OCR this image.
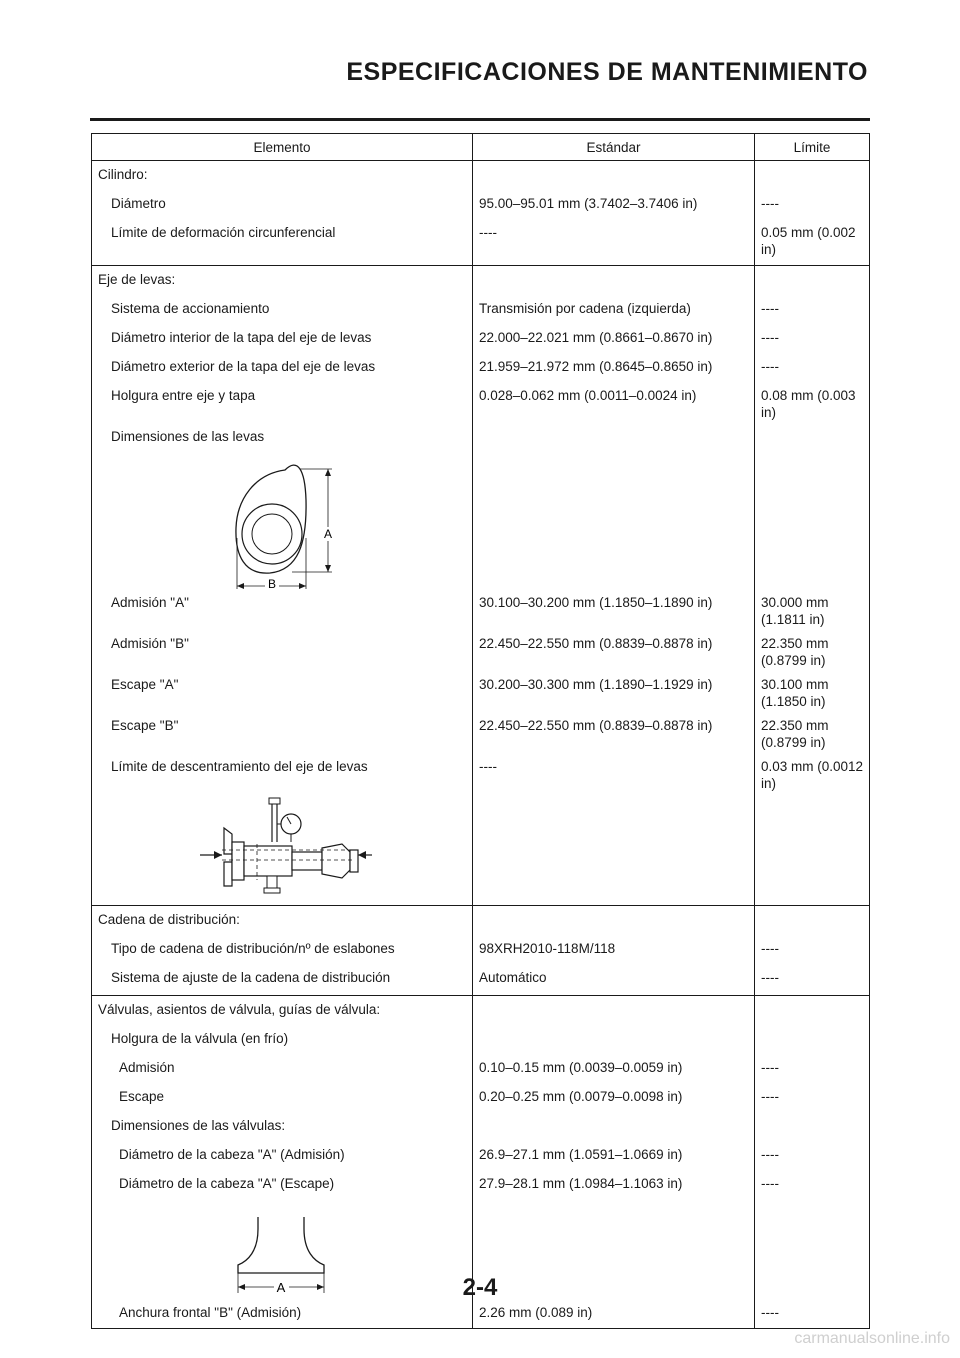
ESPECIFICACIONES DE MANTENIMIENTO
Elemento	Estándar	Límite
Cilindro:		
Diámetro	95.00–95.01 mm (3.7402–3.7406 in)	----
Límite de deformación circunferencial	----	0.05 mm (0.002 in)
Eje de levas:		
Sistema de accionamiento	Transmisión por cadena (izquierda)	----
Diámetro interior de la tapa del eje de levas	22.000–22.021 mm (0.8661–0.8670 in)	----
Diámetro exterior de la tapa del eje de levas	21.959–21.972 mm (0.8645–0.8650 in)	----
Holgura entre eje y tapa	0.028–0.062 mm (0.0011–0.0024 in)	0.08 mm (0.003 in)
Dimensiones de las levas		

A
B		

Admisión "A"	30.100–30.200 mm (1.1850–1.1890 in)	30.000 mm (1.1811 in)
Admisión "B"	22.450–22.550 mm (0.8839–0.8878 in)	22.350 mm (0.8799 in)
Escape "A"	30.200–30.300 mm (1.1890–1.1929 in)	30.100 mm (1.1850 in)
Escape "B"	22.450–22.550 mm (0.8839–0.8878 in)	22.350 mm (0.8799 in)
Límite de descentramiento del eje de levas	----	0.03 mm (0.0012 in)

Cadena de distribución:		
Tipo de cadena de distribución/nº de eslabones	98XRH2010-118M/118	----
Sistema de ajuste de la cadena de distribución	Automático	----
Válvulas, asientos de válvula, guías de válvula:		
Holgura de la válvula (en frío)		
Admisión	0.10–0.15 mm (0.0039–0.0059 in)	----
Escape	0.20–0.25 mm (0.0079–0.0098 in)	----
Dimensiones de las válvulas:		
Diámetro de la cabeza "A" (Admisión)	26.9–27.1 mm (1.0591–1.0669 in)	----
Diámetro de la cabeza "A" (Escape)	27.9–28.1 mm (1.0984–1.1063 in)	----

A		

Anchura frontal "B" (Admisión)	2.26 mm (0.089 in)	----
2-4
carmanualsonline.info
